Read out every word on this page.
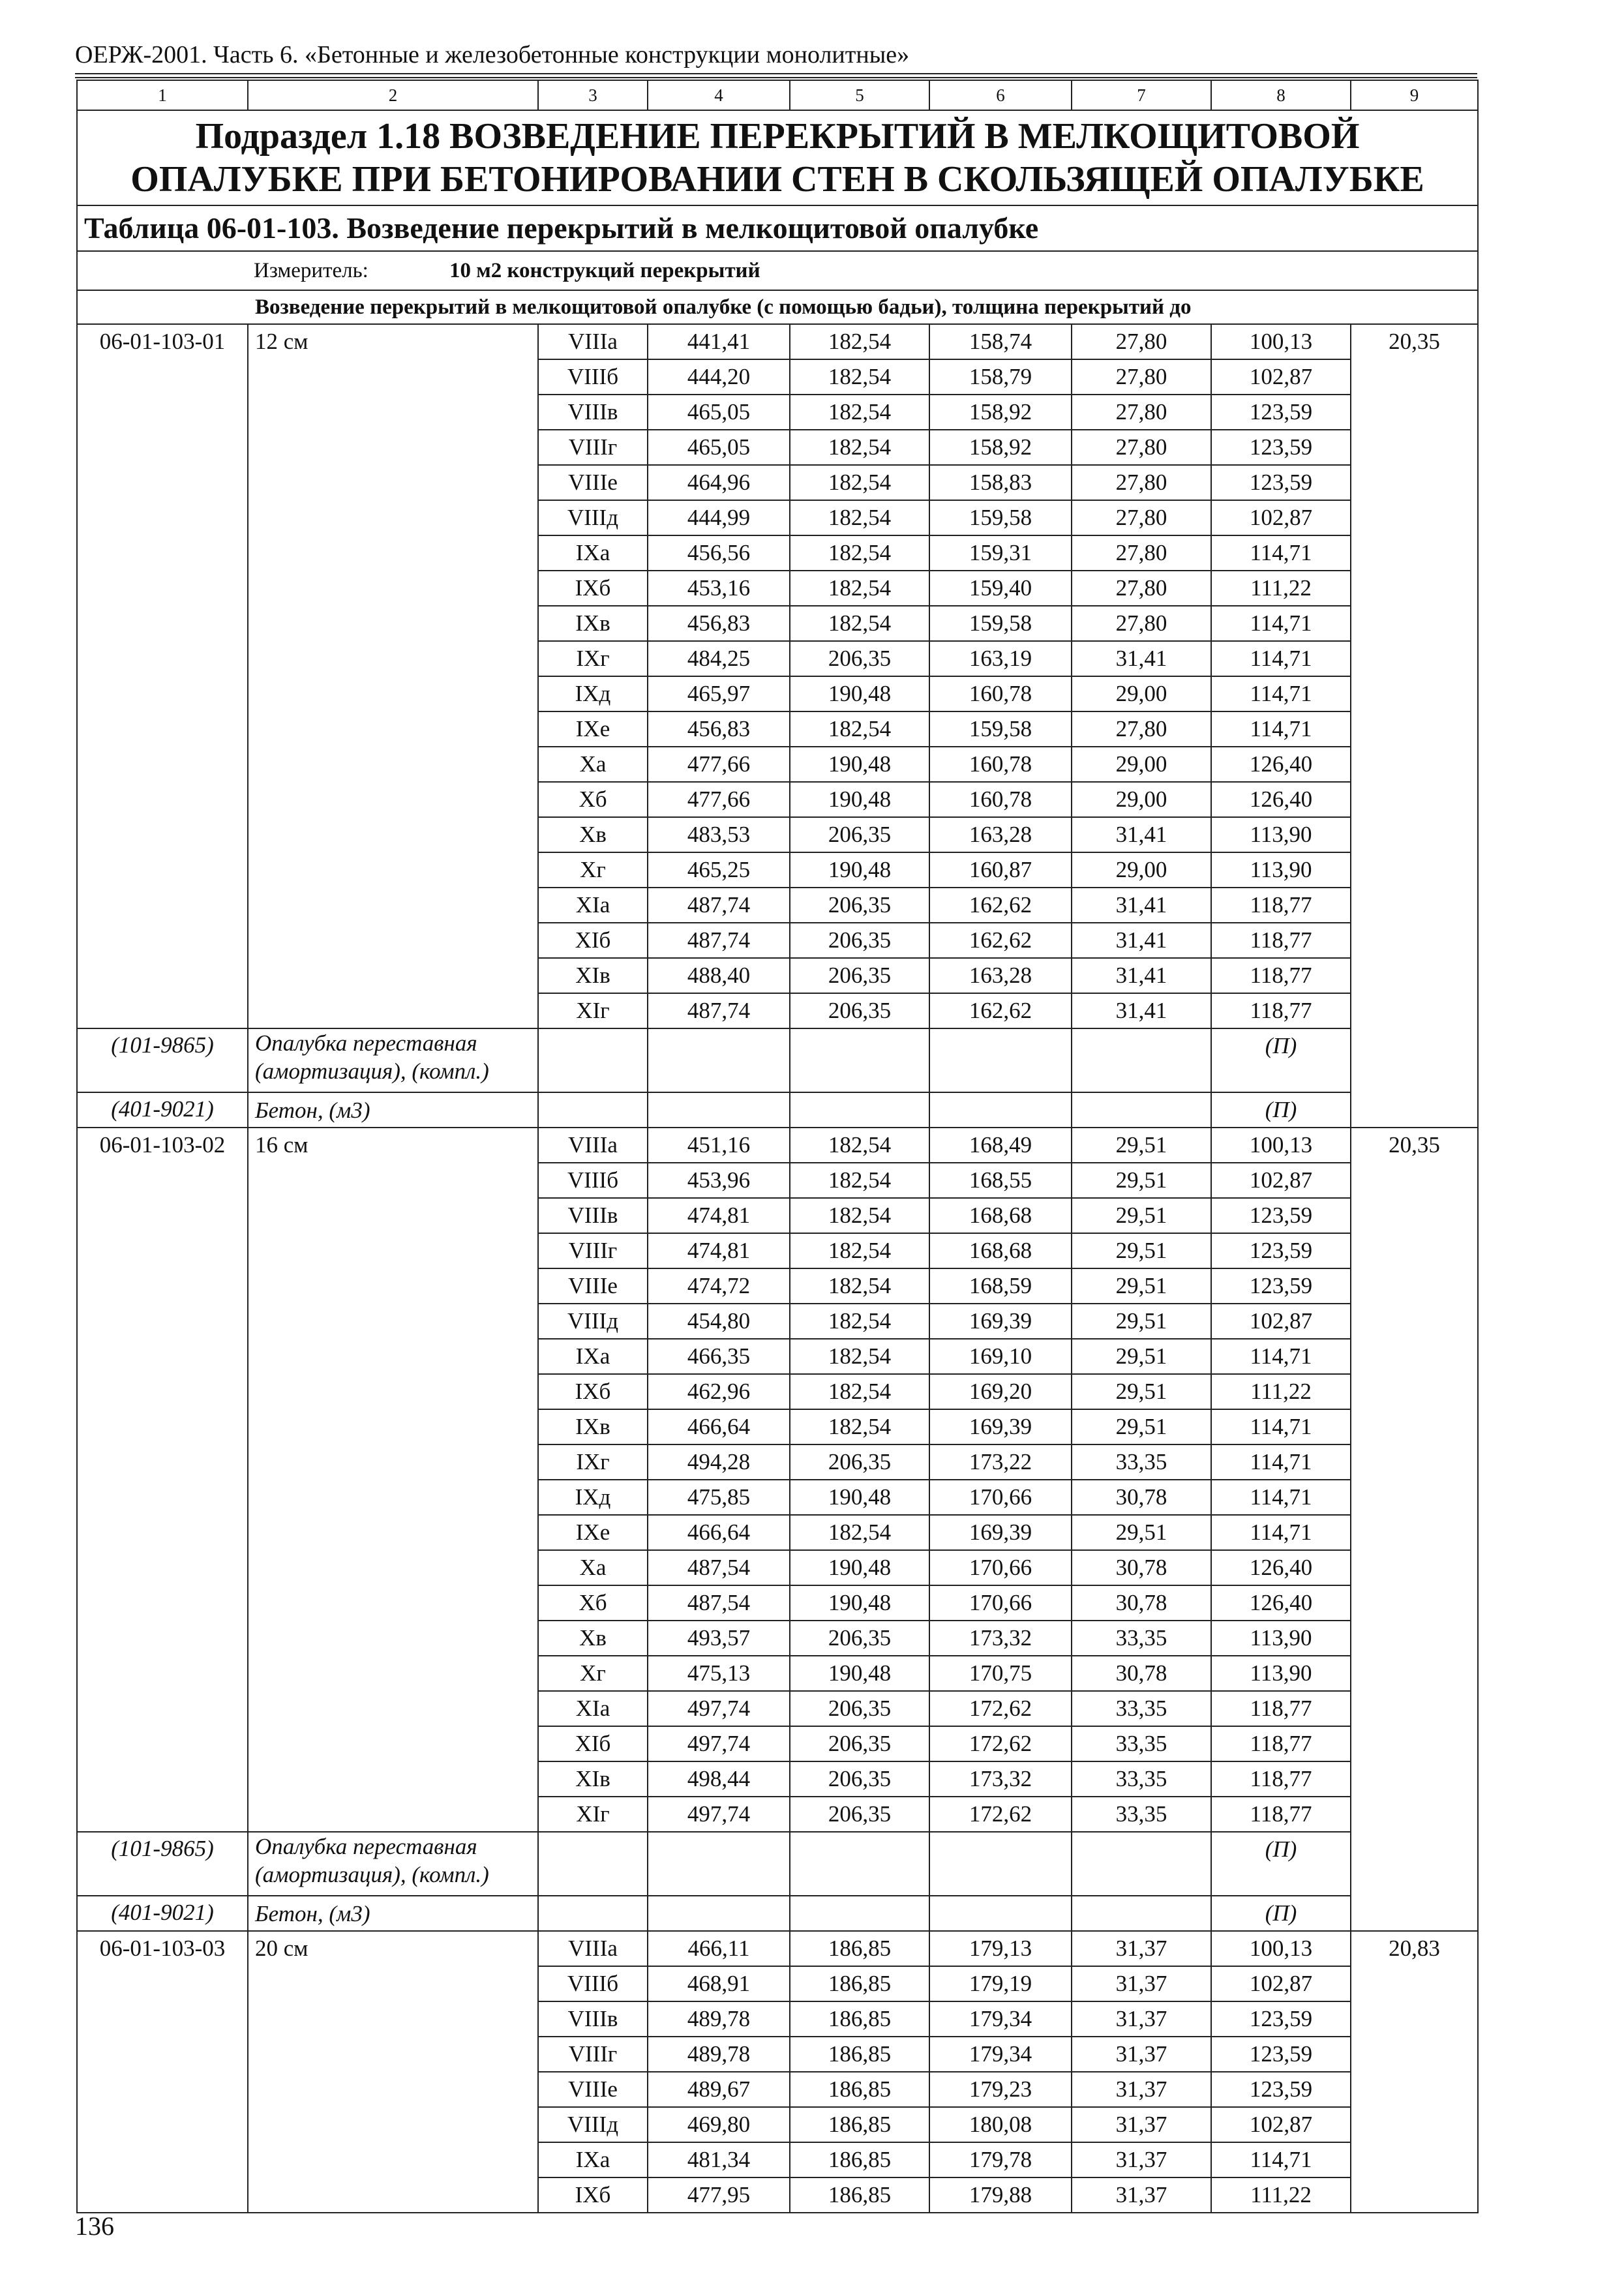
ОЕРЖ-2001. Часть 6. «Бетонные и железобетонные конструкции монолитные»
1	2	3	4	5	6	7	8	9
Подраздел 1.18 ВОЗВЕДЕНИЕ ПЕРЕКРЫТИЙ В МЕЛКОЩИТОВОЙ ОПАЛУБКЕ ПРИ БЕТОНИРОВАНИИ СТЕН В СКОЛЬЗЯЩЕЙ ОПАЛУБКЕ								
Таблица 06-01-103. Возведение перекрытий в мелкощитовой опалубке								
Измеритель: 10 м2 конструкций перекрытий								
Возведение перекрытий в мелкощитовой опалубке (с помощью бадьи), толщина перекрытий до								
06-01-103-01	12 см	VIIIа	441,41	182,54	158,74	27,80	100,13	20,35
		VIIIб	444,20	182,54	158,79	27,80	102,87	
		VIIIв	465,05	182,54	158,92	27,80	123,59	
		VIIIг	465,05	182,54	158,92	27,80	123,59	
		VIIIе	464,96	182,54	158,83	27,80	123,59	
		VIIIд	444,99	182,54	159,58	27,80	102,87	
		IXа	456,56	182,54	159,31	27,80	114,71	
		IXб	453,16	182,54	159,40	27,80	111,22	
		IXв	456,83	182,54	159,58	27,80	114,71	
		IXг	484,25	206,35	163,19	31,41	114,71	
		IXд	465,97	190,48	160,78	29,00	114,71	
		IXе	456,83	182,54	159,58	27,80	114,71	
		Xа	477,66	190,48	160,78	29,00	126,40	
		Xб	477,66	190,48	160,78	29,00	126,40	
		Xв	483,53	206,35	163,28	31,41	113,90	
		Xг	465,25	190,48	160,87	29,00	113,90	
		XIа	487,74	206,35	162,62	31,41	118,77	
		XIб	487,74	206,35	162,62	31,41	118,77	
		XIв	488,40	206,35	163,28	31,41	118,77	
		XIг	487,74	206,35	162,62	31,41	118,77	
(101-9865)	Опалубка переставная (амортизация), (компл.)						(П)	
(401-9021)	Бетон, (м3)						(П)	
06-01-103-02	16 см	VIIIа	451,16	182,54	168,49	29,51	100,13	20,35
		VIIIб	453,96	182,54	168,55	29,51	102,87	
		VIIIв	474,81	182,54	168,68	29,51	123,59	
		VIIIг	474,81	182,54	168,68	29,51	123,59	
		VIIIе	474,72	182,54	168,59	29,51	123,59	
		VIIIд	454,80	182,54	169,39	29,51	102,87	
		IXа	466,35	182,54	169,10	29,51	114,71	
		IXб	462,96	182,54	169,20	29,51	111,22	
		IXв	466,64	182,54	169,39	29,51	114,71	
		IXг	494,28	206,35	173,22	33,35	114,71	
		IXд	475,85	190,48	170,66	30,78	114,71	
		IXе	466,64	182,54	169,39	29,51	114,71	
		Xа	487,54	190,48	170,66	30,78	126,40	
		Xб	487,54	190,48	170,66	30,78	126,40	
		Xв	493,57	206,35	173,32	33,35	113,90	
		Xг	475,13	190,48	170,75	30,78	113,90	
		XIа	497,74	206,35	172,62	33,35	118,77	
		XIб	497,74	206,35	172,62	33,35	118,77	
		XIв	498,44	206,35	173,32	33,35	118,77	
		XIг	497,74	206,35	172,62	33,35	118,77	
(101-9865)	Опалубка переставная (амортизация), (компл.)						(П)	
(401-9021)	Бетон, (м3)						(П)	
06-01-103-03	20 см	VIIIа	466,11	186,85	179,13	31,37	100,13	20,83
		VIIIб	468,91	186,85	179,19	31,37	102,87	
		VIIIв	489,78	186,85	179,34	31,37	123,59	
		VIIIг	489,78	186,85	179,34	31,37	123,59	
		VIIIе	489,67	186,85	179,23	31,37	123,59	
		VIIIд	469,80	186,85	180,08	31,37	102,87	
		IXа	481,34	186,85	179,78	31,37	114,71	
		IXб	477,95	186,85	179,88	31,37	111,22	
136
